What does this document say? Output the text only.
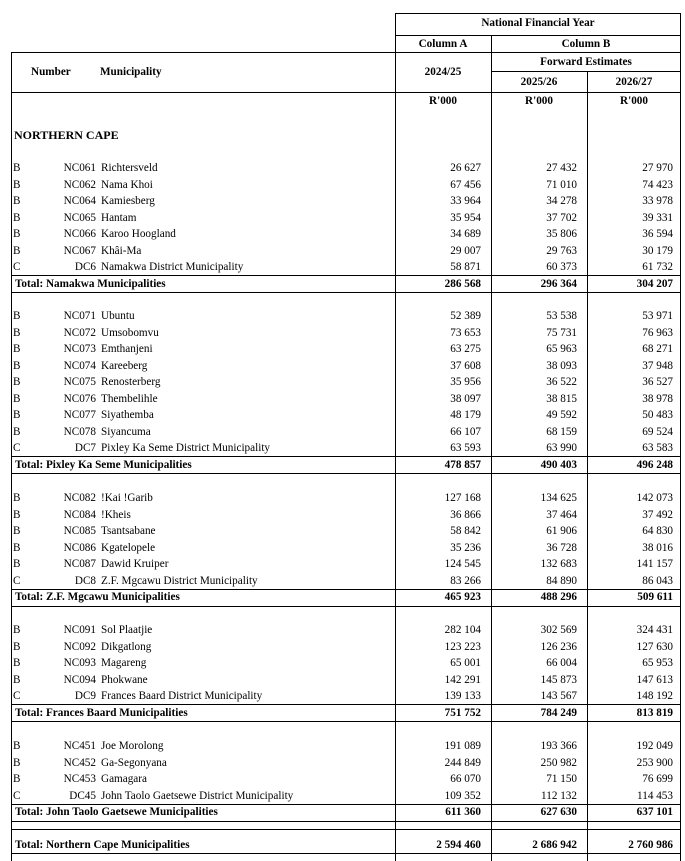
National Financial Year
Column A	Column B
Forward Estimates
Number	Municipality	2024/25
2025/26	2026/27
R'000	R'000	R'000
NORTHERN CAPE
B	NC061 Richtersveld	26 627	27 432	27 970
B	NC062 Nama Khoi	67 456	71 010	74 423
B	NC064 Kamiesberg	33 964	34 278	33 978
B	NC065 Hantam	35 954	37 702	39 331
B	NC066 Karoo Hoogland	34 689	35 806	36 594
B	NC067 Khâi-Ma	29 007	29 763	30 179
C	DC6 Namakwa District Municipality	58 871	60 373	61 732
Total: Namakwa Municipalities	286 568	296 364	304 207
B	NC071 Ubuntu	52 389	53 538	53 971
B	NC072 Umsobomvu	73 653	75 731	76 963
B	NC073 Emthanjeni	63 275	65 963	68 271
B	NC074 Kareeberg	37 608	38 093	37 948
B	NC075 Renosterberg	35 956	36 522	36 527
B	NC076 Thembelihle	38 097	38 815	38 978
B	NC077 Siyathemba	48 179	49 592	50 483
B	NC078 Siyancuma	66 107	68 159	69 524
C	DC7 Pixley Ka Seme District Municipality	63 593	63 990	63 583
Total: Pixley Ka Seme Municipalities	478 857	490 403	496 248
B	NC082 !Kai !Garib	127 168	134 625	142 073
B	NC084 !Kheis	36 866	37 464	37 492
B	NC085 Tsantsabane	58 842	61 906	64 830
B	NC086 Kgatelopele	35 236	36 728	38 016
B	NC087 Dawid Kruiper	124 545	132 683	141 157
C	DC8 Z.F. Mgcawu District Municipality	83 266	84 890	86 043
Total: Z.F. Mgcawu Municipalities	465 923	488 296	509 611
B	NC091 Sol Plaatjie	282 104	302 569	324 431
B	NC092 Dikgatlong	123 223	126 236	127 630
B	NC093 Magareng	65 001	66 004	65 953
B	NC094 Phokwane	142 291	145 873	147 613
C	DC9 Frances Baard District Municipality	139 133	143 567	148 192
Total: Frances Baard Municipalities	751 752	784 249	813 819
B	NC451 Joe Morolong	191 089	193 366	192 049
B	NC452 Ga-Segonyana	244 849	250 982	253 900
B	NC453 Gamagara	66 070	71 150	76 699
C	DC45 John Taolo Gaetsewe District Municipality	109 352	112 132	114 453
Total: John Taolo Gaetsewe Municipalities	611 360	627 630	637 101
Total: Northern Cape Municipalities	2 594 460	2 686 942	2 760 986
